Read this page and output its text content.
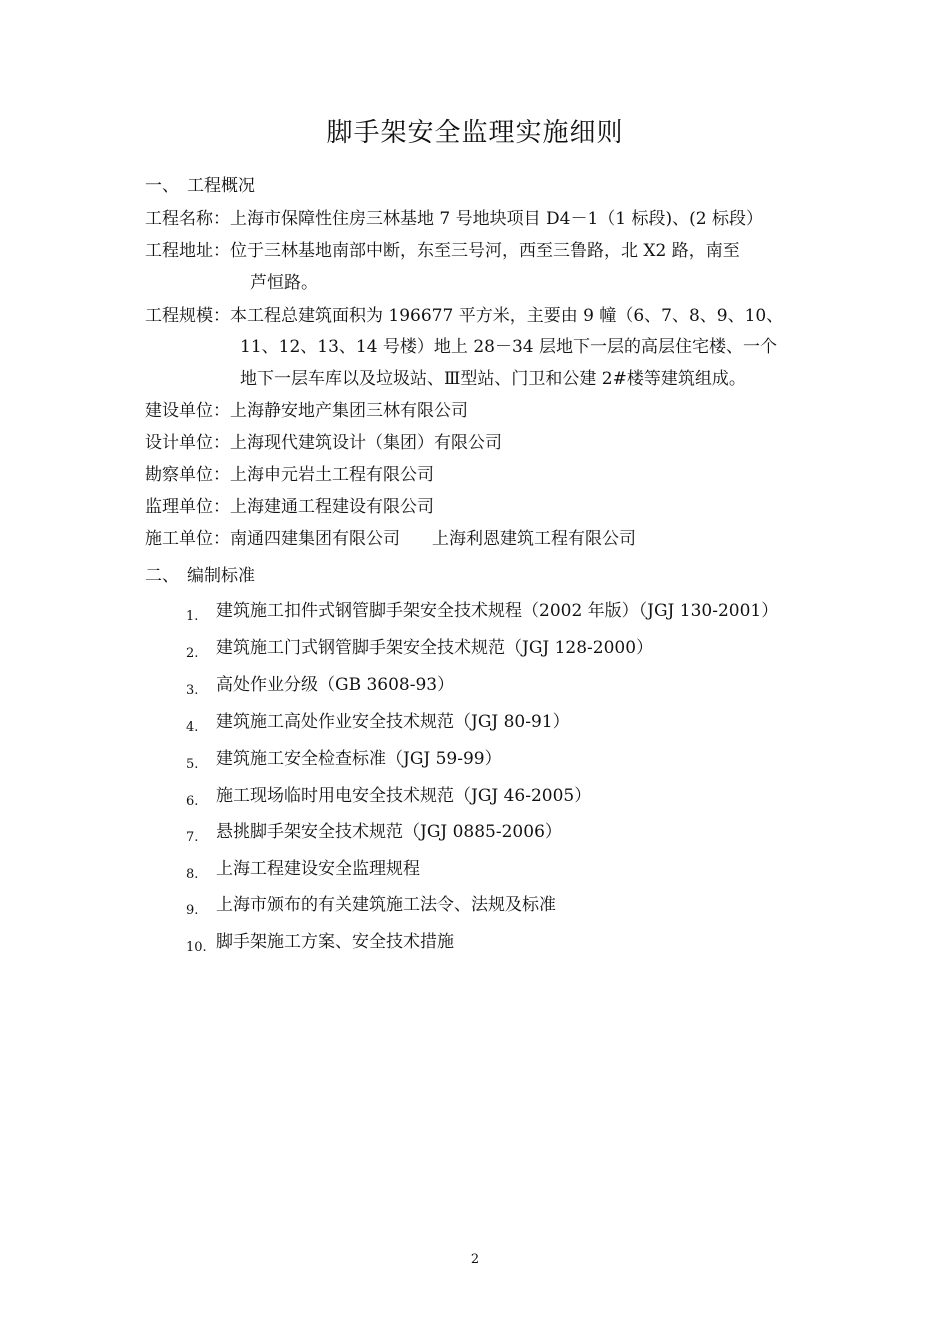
脚手架安全监理实施细则
一、 工程概况
工程名称：上海市保障性住房三林基地 7 号地块项目 D4－1（1 标段)、(2 标段）
工程地址：位于三林基地南部中断，东至三号河，西至三鲁路，北 X2 路，南至
芦恒路。
工程规模：本工程总建筑面积为 196677 平方米，主要由 9 幢（6、7、8、9、10、
11、12、13、14 号楼）地上 28－34 层地下一层的高层住宅楼、一个
地下一层车库以及垃圾站、Ⅲ型站、门卫和公建 2#楼等建筑组成。
建设单位：上海静安地产集团三林有限公司
设计单位：上海现代建筑设计（集团）有限公司
勘察单位：上海申元岩土工程有限公司
监理单位：上海建通工程建设有限公司
施工单位：南通四建集团有限公司 上海利恩建筑工程有限公司
二、 编制标准
1. 建筑施工扣件式钢管脚手架安全技术规程（2002 年版）（JGJ 130-2001）
2. 建筑施工门式钢管脚手架安全技术规范（JGJ 128-2000）
3. 高处作业分级（GB 3608-93）
4. 建筑施工高处作业安全技术规范（JGJ 80-91）
5. 建筑施工安全检查标准（JGJ 59-99）
6. 施工现场临时用电安全技术规范（JGJ 46-2005）
7. 悬挑脚手架安全技术规范（JGJ 0885-2006）
8. 上海工程建设安全监理规程
9. 上海市颁布的有关建筑施工法令、法规及标准
10. 脚手架施工方案、安全技术措施
2
